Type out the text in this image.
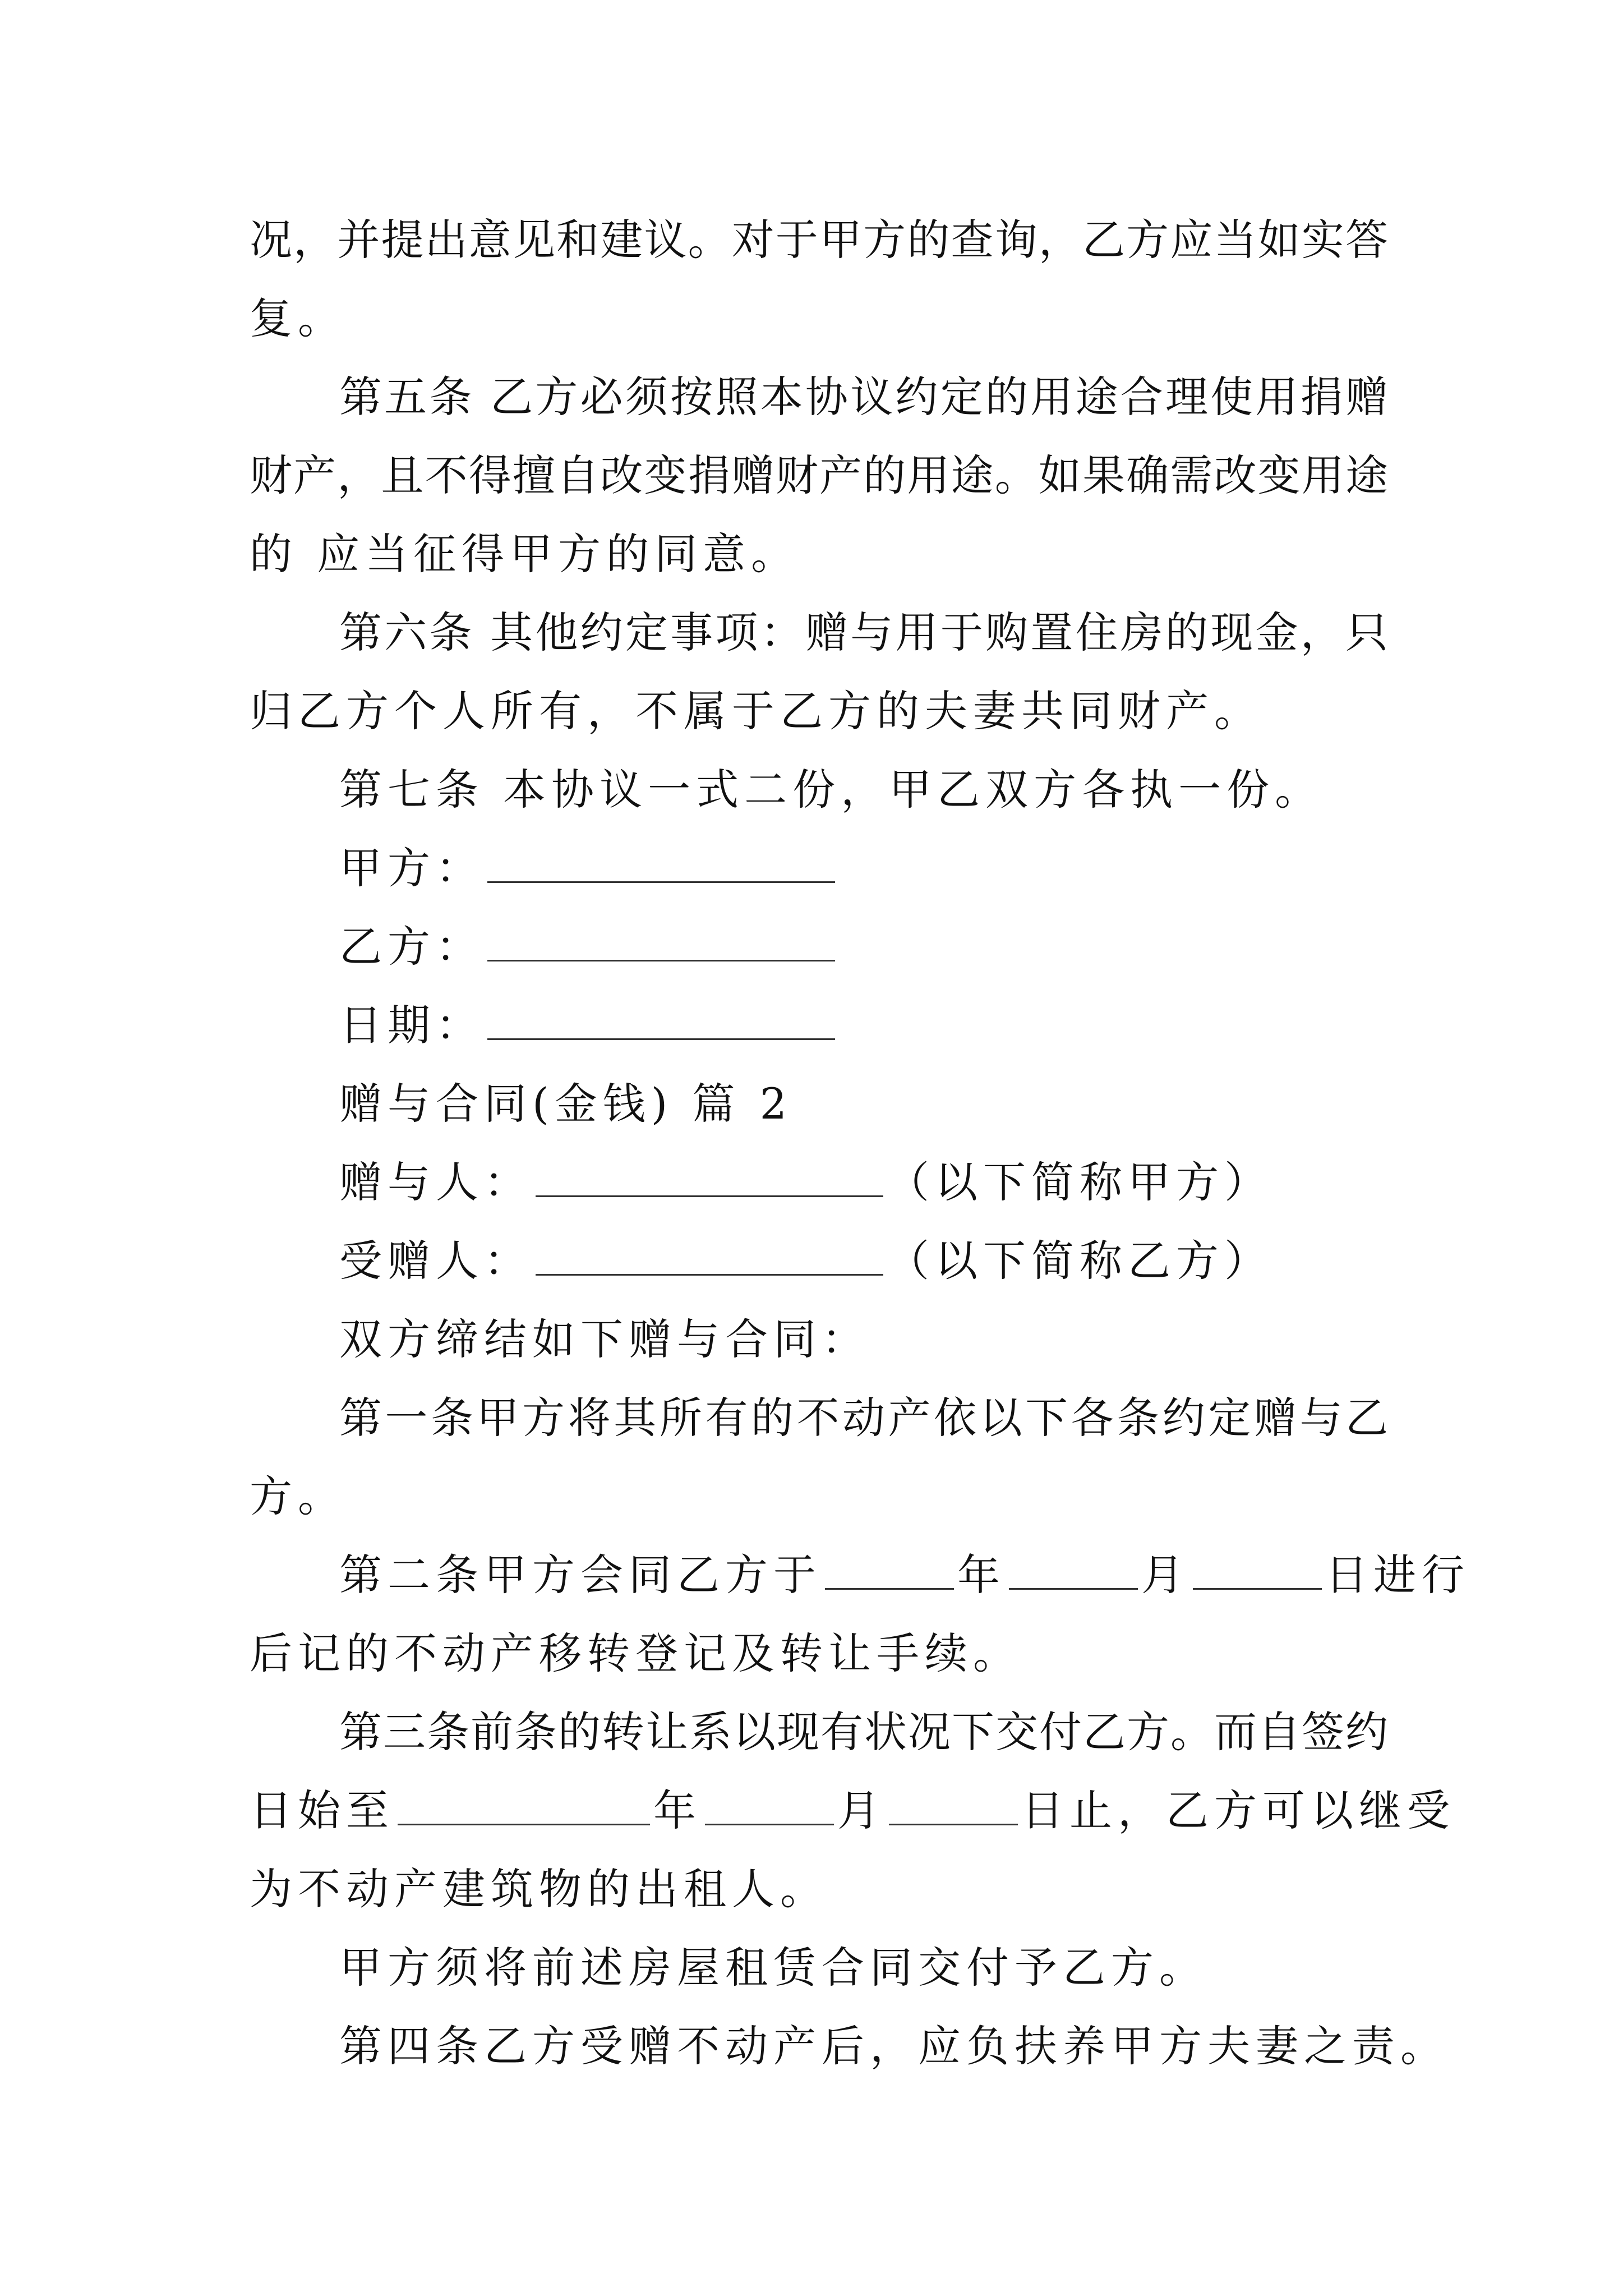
况，并提出意见和建议。对于甲方的查询，乙方应当如实答
复。
第五条 乙方必须按照本协议约定的用途合理使用捐赠
财产，且不得擅自改变捐赠财产的用途。如果确需改变用途
的 应当征得甲方的同意。
第六条 其他约定事项：赠与用于购置住房的现金，只
归乙方个人所有，不属于乙方的夫妻共同财产。
第七条 本协议一式二份，甲乙双方各执一份。
甲方：
乙方：
日期：
赠与合同(金钱) 篇 2
赠与人：	（以下简称甲方）
受赠人：	（以下简称乙方）
双方缔结如下赠与合同：
第一条甲方将其所有的不动产依以下各条约定赠与乙
方。
第二条甲方会同乙方于	年	月	日进行
后记的不动产移转登记及转让手续。
第三条前条的转让系以现有状况下交付乙方。而自签约
日始至	年	月	日止，乙方可以继受
为不动产建筑物的出租人。
甲方须将前述房屋租赁合同交付予乙方。
第四条乙方受赠不动产后，应负扶养甲方夫妻之责。
